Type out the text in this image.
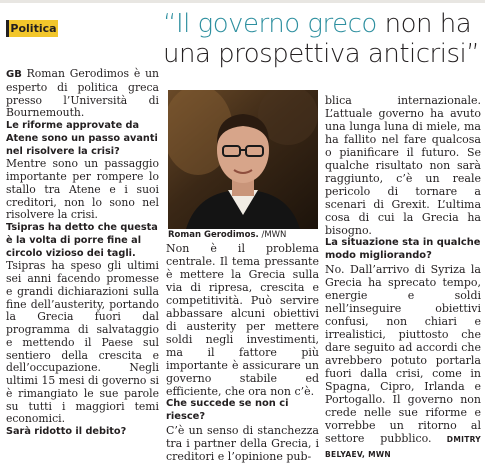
Politica	“Il governo greco non ha
una prospettiva anticrisi”
Roman Gerodimos. /MWN

GB Roman Gerodimos è un esperto di politica greca presso l’Università di Bournemouth.

Le riforme approvate da Atene sono un passo avanti nel risolvere la crisi?

Mentre sono un passaggio importante per rompere lo stallo tra Atene e i suoi creditori, non lo sono nel risolvere la crisi.

Tsipras ha detto che questa è la volta di porre fine al circolo vizioso dei tagli.

Tsipras ha speso gli ultimi sei anni facendo promesse e grandi dichiarazioni sulla fine dell’austerity, portando la Grecia fuori dal programma di salvataggio e mettendo il Paese sul sentiero della crescita e dell’occupazione. Negli ultimi 15 mesi di governo si è rimangiato le sue parole su tutti i maggiori temi economici.

Sarà ridotto il debito?

Non è il problema centrale. Il tema pressante è mettere la Grecia sulla via di ripresa, crescita e competitività. Può servire abbassare alcuni obiettivi di austerity per mettere soldi negli investimenti, ma il fattore più importante è assicurare un governo stabile ed efficiente, che ora non c’è.

Che succede se non ci riesce?

C’è un senso di stanchezza tra i partner della Grecia, i creditori e l’opinione pub-

blica internazionale. L’attuale governo ha avuto una lunga luna di miele, ma ha fallito nel fare qualcosa o pianificare il futuro. Se qualche risultato non sarà raggiunto, c’è un reale pericolo di tornare a scenari di Grexit. L’ultima cosa di cui la Grecia ha bisogno.

La situazione sta in qualche modo migliorando?

No. Dall’arrivo di Syriza la Grecia ha sprecato tempo, energie e soldi nell’inseguire obiettivi confusi, non chiari e irrealistici, piuttosto che dare seguito ad accordi che avrebbero potuto portarla fuori dalla crisi, come in Spagna, Cipro, Irlanda e Portogallo. Il governo non crede nelle sue riforme e vorrebbe un ritorno al settore pubblico. DMITRY BELYAEV, MWN
